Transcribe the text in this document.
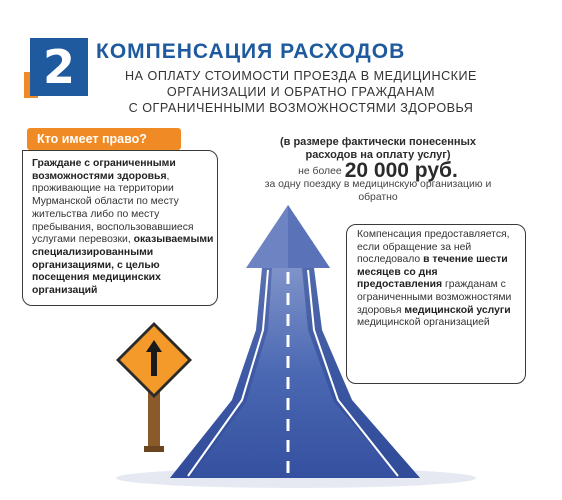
2	КОМПЕНСАЦИЯ РАСХОДОВ
НА ОПЛАТУ СТОИМОСТИ ПРОЕЗДА В МЕДИЦИНСКИЕ
ОРГАНИЗАЦИИ И ОБРАТНО ГРАЖДАНАМ
С ОГРАНИЧЕННЫМИ ВОЗМОЖНОСТЯМИ ЗДОРОВЬЯ
Кто имеет право?
Граждане с ограниченными возможностями здоровья, проживающие на территории Мурманской области по месту жительства либо по месту пребывания, воспользовавшиеся услугами перевозки, оказываемыми специализированными организациями, с целью посещения медицинских организаций
(в размере фактически понесенных
расходов на оплату услуг)
не более 20 000 руб.
за одну поездку в медицинскую организацию и
обратно
Компенсация предоставляется, если обращение за ней последовало в течение шести месяцев со дня предоставления гражданам с ограниченными возможностями здоровья медицинской услуги медицинской организацией
